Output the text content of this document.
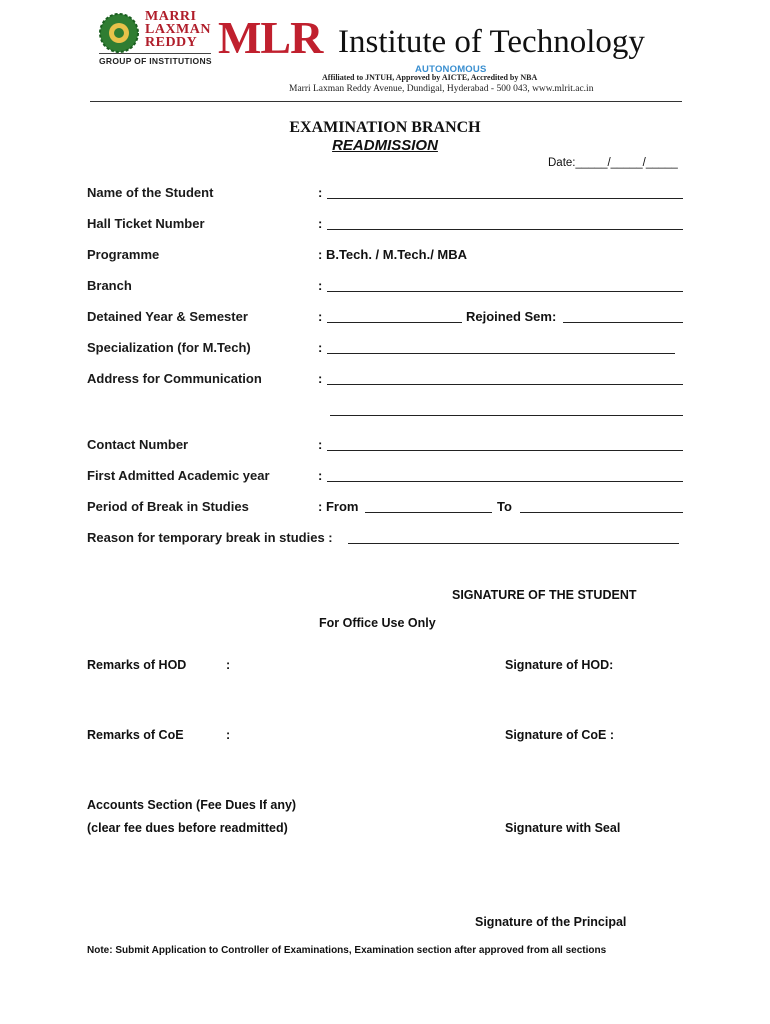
MARRI
LAXMAN
REDDY
GROUP OF INSTITUTIONS MLR Institute of Technology
AUTONOMOUS
Affiliated to JNTUH, Approved by AICTE, Accredited by NBA
Marri Laxman Reddy Avenue, Dundigal, Hyderabad - 500 043, www.mlrit.ac.in
EXAMINATION BRANCH
READMISSION
Date:_____/_____/_____
Name of the Student	:
Hall Ticket Number	:
Programme	: B.Tech. / M.Tech./ MBA
Branch	:
Detained Year & Semester	:	Rejoined Sem:
Specialization (for M.Tech)	:
Address for Communication	:
Contact Number	:
First Admitted Academic year	:
Period of Break in Studies	: From	To
Reason for temporary break in studies :
SIGNATURE OF THE STUDENT
For Office Use Only
Remarks of HOD	:	Signature of HOD:
Remarks of CoE	:	Signature of CoE :
Accounts Section (Fee Dues If any)
(clear fee dues before readmitted)	Signature with Seal
Signature of the Principal
Note: Submit Application to Controller of Examinations, Examination section after approved from all sections
